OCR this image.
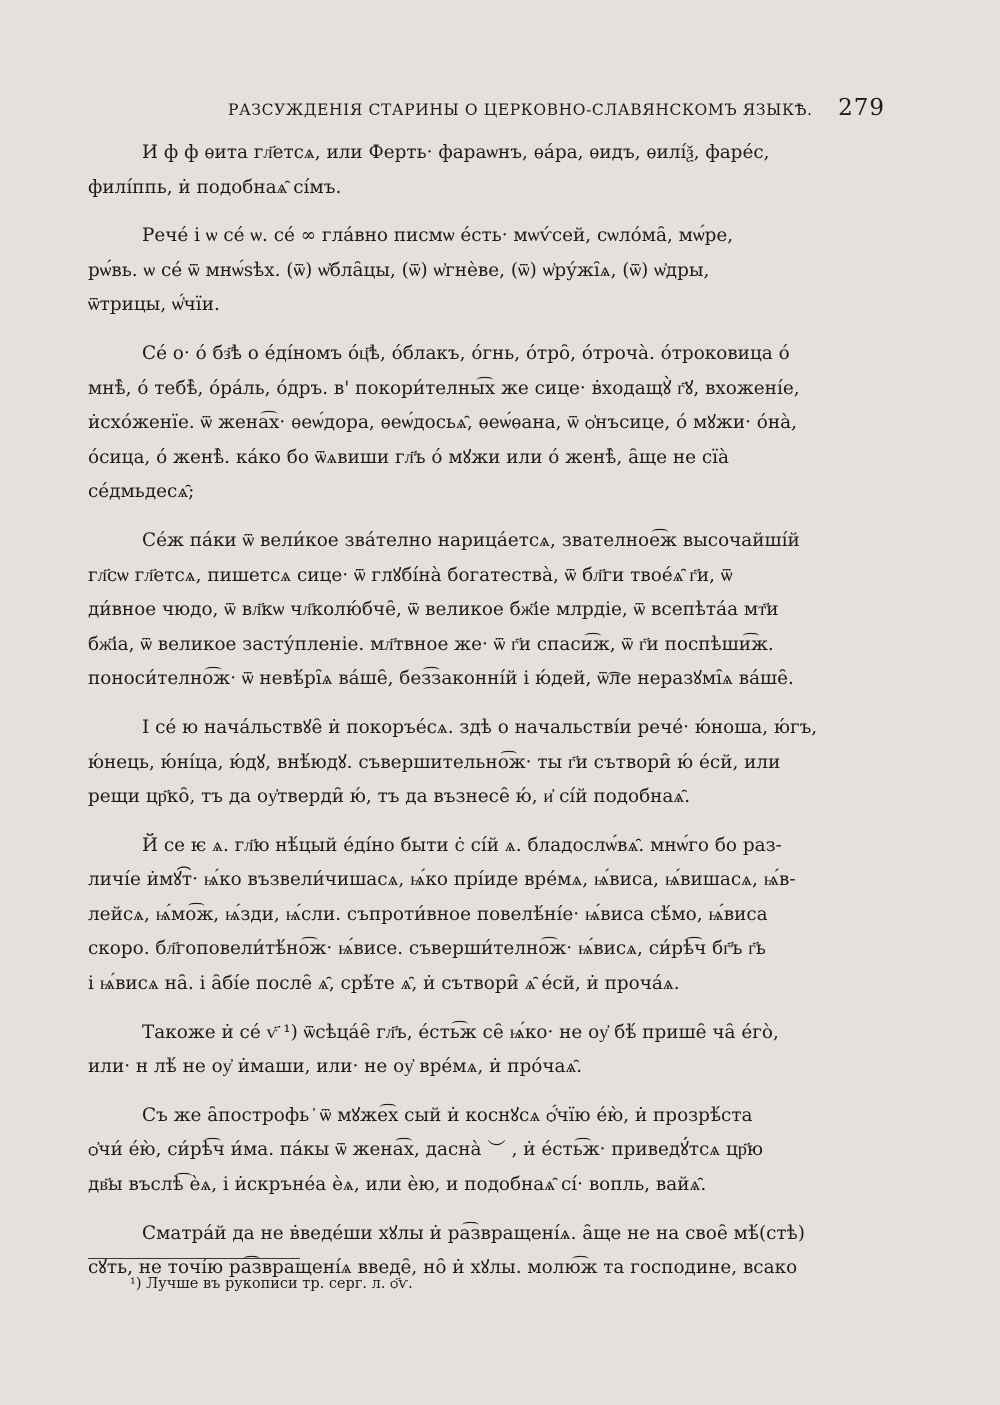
РАЗСУЖДЕНІЯ СТАРИНЫ О ЦЕРКОВНО-СЛАВЯНСКОМЪ ЯЗЫКѢ. 279

И ф ф ѳита гл҃етсѧ, или Ферть· фараѡнъ, ѳа́ра, ѳидъ, ѳилі́ѯ, фаре́с,
филі́ппь, и̇ подобнаѧ̑ сі́мъ.

Рече́ і ѡ се́ ѡ. се́ ∞ гла́вно писмѡ е́сть· мѡѵ́сей, сѡло́ма̑, мѡ́ре,
рѡ́вь. ѡ се́ ѿ мнѡ́ѕѣх. (ѿ) ѡ҆бла̑цы, (ѿ) ѡ҆гнѐве, (ѿ) ѡ҆ру́жі̑ѧ, (ѿ) ѡ҆дры,
ѿтрицы, ѡ҆́чїи.

Се́ о· о́ бз҃ѣ о е́ді́номъ о́ц҃ѣ, о́блакъ, о́гнь, о́тро̑, о́троча̀. о́троковица о́
мнѣ̀, о́ тебѣ̀, о́ра́ль, о́дръ. в' покори́телны͡х же сице· в̇ходащꙋ̀ г҃ꙋ, вхожені́е,
и̇схо́женїе. ѿ жена͡х· ѳеѡ́дора, ѳеѡ́досьѧ̑, ѳеѡ́ѳана, ѿ ѻ҆нъсице, о́ мꙋжи· о́на̀,
о́сица, о́ женѣ̀. ка́ко бо ѿѧвиши гл҃ъ о́ мꙋжи или о́ женѣ̀, а̑ще не сїа̀
се́дмьдесѧ̑;

Се́ж па́ки ѿ вели́кое зва́телно нарица́етсѧ, звателное͡ж высочайші́й
гл҃сѡ гл҃етсѧ, пишетсѧ сице· ѿ глꙋбі́на̀ богатества̀, ѿ бл҃ги твое́ѧ̑ г҃и, ѿ
ди́вное чюдо, ѿ вл҃кѡ чл҃колю́бче̑, ѿ великое бж҃іе млрдіе, ѿ всепѣта́а мт҃и
бж҃іа, ѿ великое засту́пленіе. мл҃твное же· ѿ г҃и спаси͡ж, ѿ г҃и поспѣши͡ж.
поноси́телно͡ж· ѿ невѣ́рі̑ѧ ва́ше̑, без͡законні́й і ю́дей, ѿ͡ле неразꙋмі̑ѧ ва́ше̑.

І се́ ю нача́льствꙋе̑ и̇ покоръе́сѧ. здѣ о начальстві́и рече́· ю́ноша, ю́гъ,
ю́нець, ю́ні́ца, ю́дꙋ, внѣ́юдꙋ. съвершительно͡ж· ты г҃и сътвори̑ ю́ е́сй, или
рещи цр҃ко̑, тъ да оу҆тверди̑ ю́, тъ да възнесе̑ ю́, и҆ сі́й подобнаѧ̑.

Й се ѥ ѧ. гл҃ю нѣ́цый е́ді́но быти с̇ сі́й ѧ. бладослѡ́вѧ̑. мнѡ́го бо раз-
личі́е и̇мꙋ͡т· ѩ́ко възвели́чишасѧ, ѩ́ко прі́иде вре́мѧ, ѩ́виса, ѩ́вишасѧ, ѩ́в-
лейсѧ, ѩ́мо͡ж, ѩ́зди, ѩ́сли. съпроти́вное повелѣ́ні́е· ѩ́виса сѣ́мо, ѩ́виса
скоро. бл҃гоповели́тѣ́но͡ж· ѩ́висе. съверши́телно͡ж· ѩ́висѧ, си́рѣ͡ч бг҃ъ г҃ь
і ѩ́висѧ на̑. і а̑бі́е после̑ ѧ̑, срѣ́те ѧ̑, и̇ сътвори̑ ѧ̑ е́сй, и̇ проча́ѧ.

Такоже и̇ се́ ѵ҃ ¹) ѿсѣца́е̑ гл҃ъ, е́сть͡ж се̑ ѩ́ко· не оу҆ бѣ́ прише̑ ча̑ е́го̀,
или· н лѣ́ не оу҆ и̇маши, или· не оу҆ вре́мѧ, и̇ про́чаѧ̑.

Съ же а̑построфь ҆ ѿ мꙋже͡х сый и̇ коснꙋсѧ ѻ҆́чїю е́ю̀, и̇ прозрѣ́ста
ѻ҆чи́ е́ю̀, си́рѣ͡ч и́ма. па́кы ѿ жена͡х, дасна̀ ︶ , и̇ е́сть͡ж· приведꙋ́тсѧ цр҃ю
дв҃ы въслѣ͡ ѐѧ, і и̇скръне́а ѐѧ, или ѐю, и подобнаѧ̑ сі́· вопль, вайѧ̑.

Сматра́й да не в̇веде́ши хꙋлы и̇ ра͡звращені́ѧ. а̑ще не на свое̑ мѣ́(стѣ)
сꙋть, не точі́ю ра͡звращені́ѧ введе̑, но̑ и̇ хꙋлы. молю͡ж та господине, всако

¹) Лучше въ рукописи тр. серг. л. ѻ҃ѵ.
